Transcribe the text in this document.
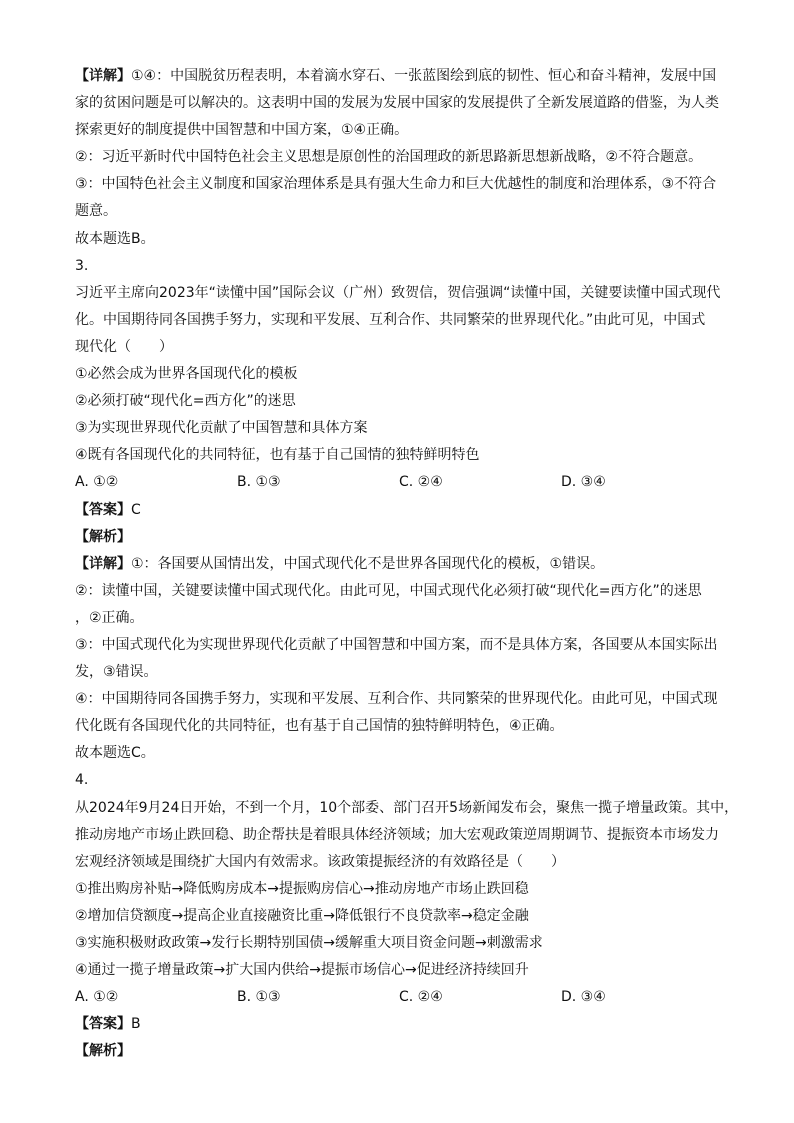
【详解】①④：中国脱贫历程表明，本着滴水穿石、一张蓝图绘到底的韧性、恒心和奋斗精神，发展中国
家的贫困问题是可以解决的。这表明中国的发展为发展中国家的发展提供了全新发展道路的借鉴，为人类
探索更好的制度提供中国智慧和中国方案，①④正确。
②：习近平新时代中国特色社会主义思想是原创性的治国理政的新思路新思想新战略，②不符合题意。
③：中国特色社会主义制度和国家治理体系是具有强大生命力和巨大优越性的制度和治理体系，③不符合
题意。
故本题选B。
3.
习近平主席向2023年“读懂中国”国际会议（广州）致贺信，贺信强调“读懂中国，关键要读懂中国式现代
化。中国期待同各国携手努力，实现和平发展、互利合作、共同繁荣的世界现代化。”由此可见，中国式
现代化（　　）
①必然会成为世界各国现代化的模板
②必须打破“现代化=西方化”的迷思
③为实现世界现代化贡献了中国智慧和具体方案
④既有各国现代化的共同特征，也有基于自己国情的独特鲜明特色
A. ①②	B. ①③	C. ②④	D. ③④
【答案】C
【解析】
【详解】①：各国要从国情出发，中国式现代化不是世界各国现代化的模板，①错误。
②：读懂中国，关键要读懂中国式现代化。由此可见，中国式现代化必须打破“现代化=西方化”的迷思
，②正确。
③：中国式现代化为实现世界现代化贡献了中国智慧和中国方案，而不是具体方案，各国要从本国实际出
发，③错误。
④：中国期待同各国携手努力，实现和平发展、互利合作、共同繁荣的世界现代化。由此可见，中国式现
代化既有各国现代化的共同特征，也有基于自己国情的独特鲜明特色，④正确。
故本题选C。
4.
从2024年9月24日开始，不到一个月，10个部委、部门召开5场新闻发布会，聚焦一揽子增量政策。其中，
推动房地产市场止跌回稳、助企帮扶是着眼具体经济领域；加大宏观政策逆周期调节、提振资本市场发力
宏观经济领域是围绕扩大国内有效需求。该政策提振经济的有效路径是（　　）
①推出购房补贴→降低购房成本→提振购房信心→推动房地产市场止跌回稳
②增加信贷额度→提高企业直接融资比重→降低银行不良贷款率→稳定金融
③实施积极财政政策→发行长期特别国债→缓解重大项目资金问题→刺激需求
④通过一揽子增量政策→扩大国内供给→提振市场信心→促进经济持续回升
A. ①②	B. ①③	C. ②④	D. ③④
【答案】B
【解析】
